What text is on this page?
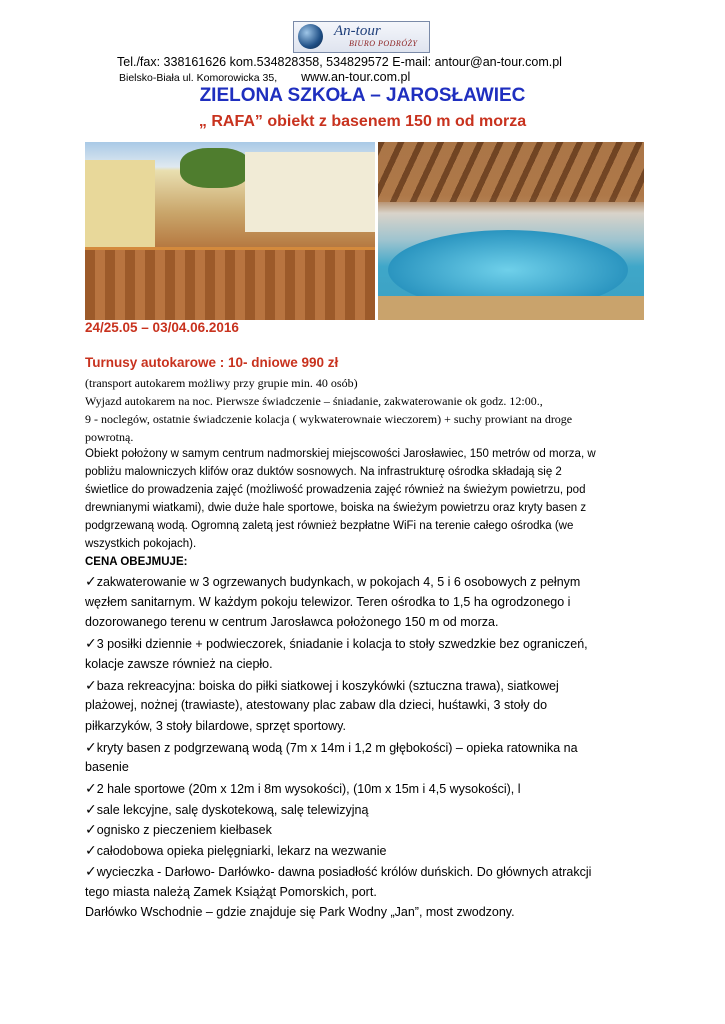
An-tour
BIURO PODRÓŻY
Tel./fax: 338161626 kom.534828358, 534829572 E-mail: antour@an-tour.com.pl
Bielsko-Biała ul. Komorowicka 35, www.an-tour.com.pl
ZIELONA SZKOŁA – JAROSŁAWIEC
„ RAFA” obiekt z basenem 150 m od morza
24/25.05 – 03/04.06.2016
Turnusy autokarowe : 10- dniowe 990 zł
(transport autokarem możliwy przy grupie min. 40 osób)
Wyjazd autokarem na noc. Pierwsze świadczenie – śniadanie, zakwaterowanie ok godz. 12:00.,
9 - noclegów, ostatnie świadczenie kolacja ( wykwaterownaie wieczorem) + suchy prowiant na droge
powrotną.
Obiekt położony w samym centrum nadmorskiej miejscowości Jarosławiec, 150 metrów od morza, w
pobliżu malowniczych klifów oraz duktów sosnowych. Na infrastrukturę ośrodka składają się 2
świetlice do prowadzenia zajęć (możliwość prowadzenia zajęć również na świeżym powietrzu, pod
drewnianymi wiatkami), dwie duże hale sportowe, boiska na świeżym powietrzu oraz kryty basen z
podgrzewaną wodą. Ogromną zaletą jest również bezpłatne WiFi na terenie całego ośrodka (we
wszystkich pokojach).
CENA OBEJMUJE:
✓zakwaterowanie w 3 ogrzewanych budynkach, w pokojach 4, 5 i 6 osobowych z pełnym
węzłem sanitarnym. W każdym pokoju telewizor. Teren ośrodka to 1,5 ha ogrodzonego i
dozorowanego terenu w centrum Jarosławca położonego 150 m od morza.
✓3 posiłki dziennie + podwieczorek, śniadanie i kolacja to stoły szwedzkie bez ograniczeń,
kolacje zawsze również na ciepło.
✓baza rekreacyjna: boiska do piłki siatkowej i koszykówki (sztuczna trawa), siatkowej
plażowej, nożnej (trawiaste), atestowany plac zabaw dla dzieci, huśtawki, 3 stoły do
piłkarzyków, 3 stoły bilardowe, sprzęt sportowy.
✓kryty basen z podgrzewaną wodą (7m x 14m i 1,2 m głębokości) – opieka ratownika na
basenie
✓2 hale sportowe (20m x 12m i 8m wysokości), (10m x 15m i 4,5 wysokości), l
✓sale lekcyjne, salę dyskotekową, salę telewizyjną
✓ognisko z pieczeniem kiełbasek
✓całodobowa opieka pielęgniarki, lekarz na wezwanie
✓wycieczka - Darłowo- Darłówko- dawna posiadłość królów duńskich. Do głównych atrakcji
tego miasta należą Zamek Książąt Pomorskich, port.
Darłówko Wschodnie – gdzie znajduje się Park Wodny „Jan”, most zwodzony.
